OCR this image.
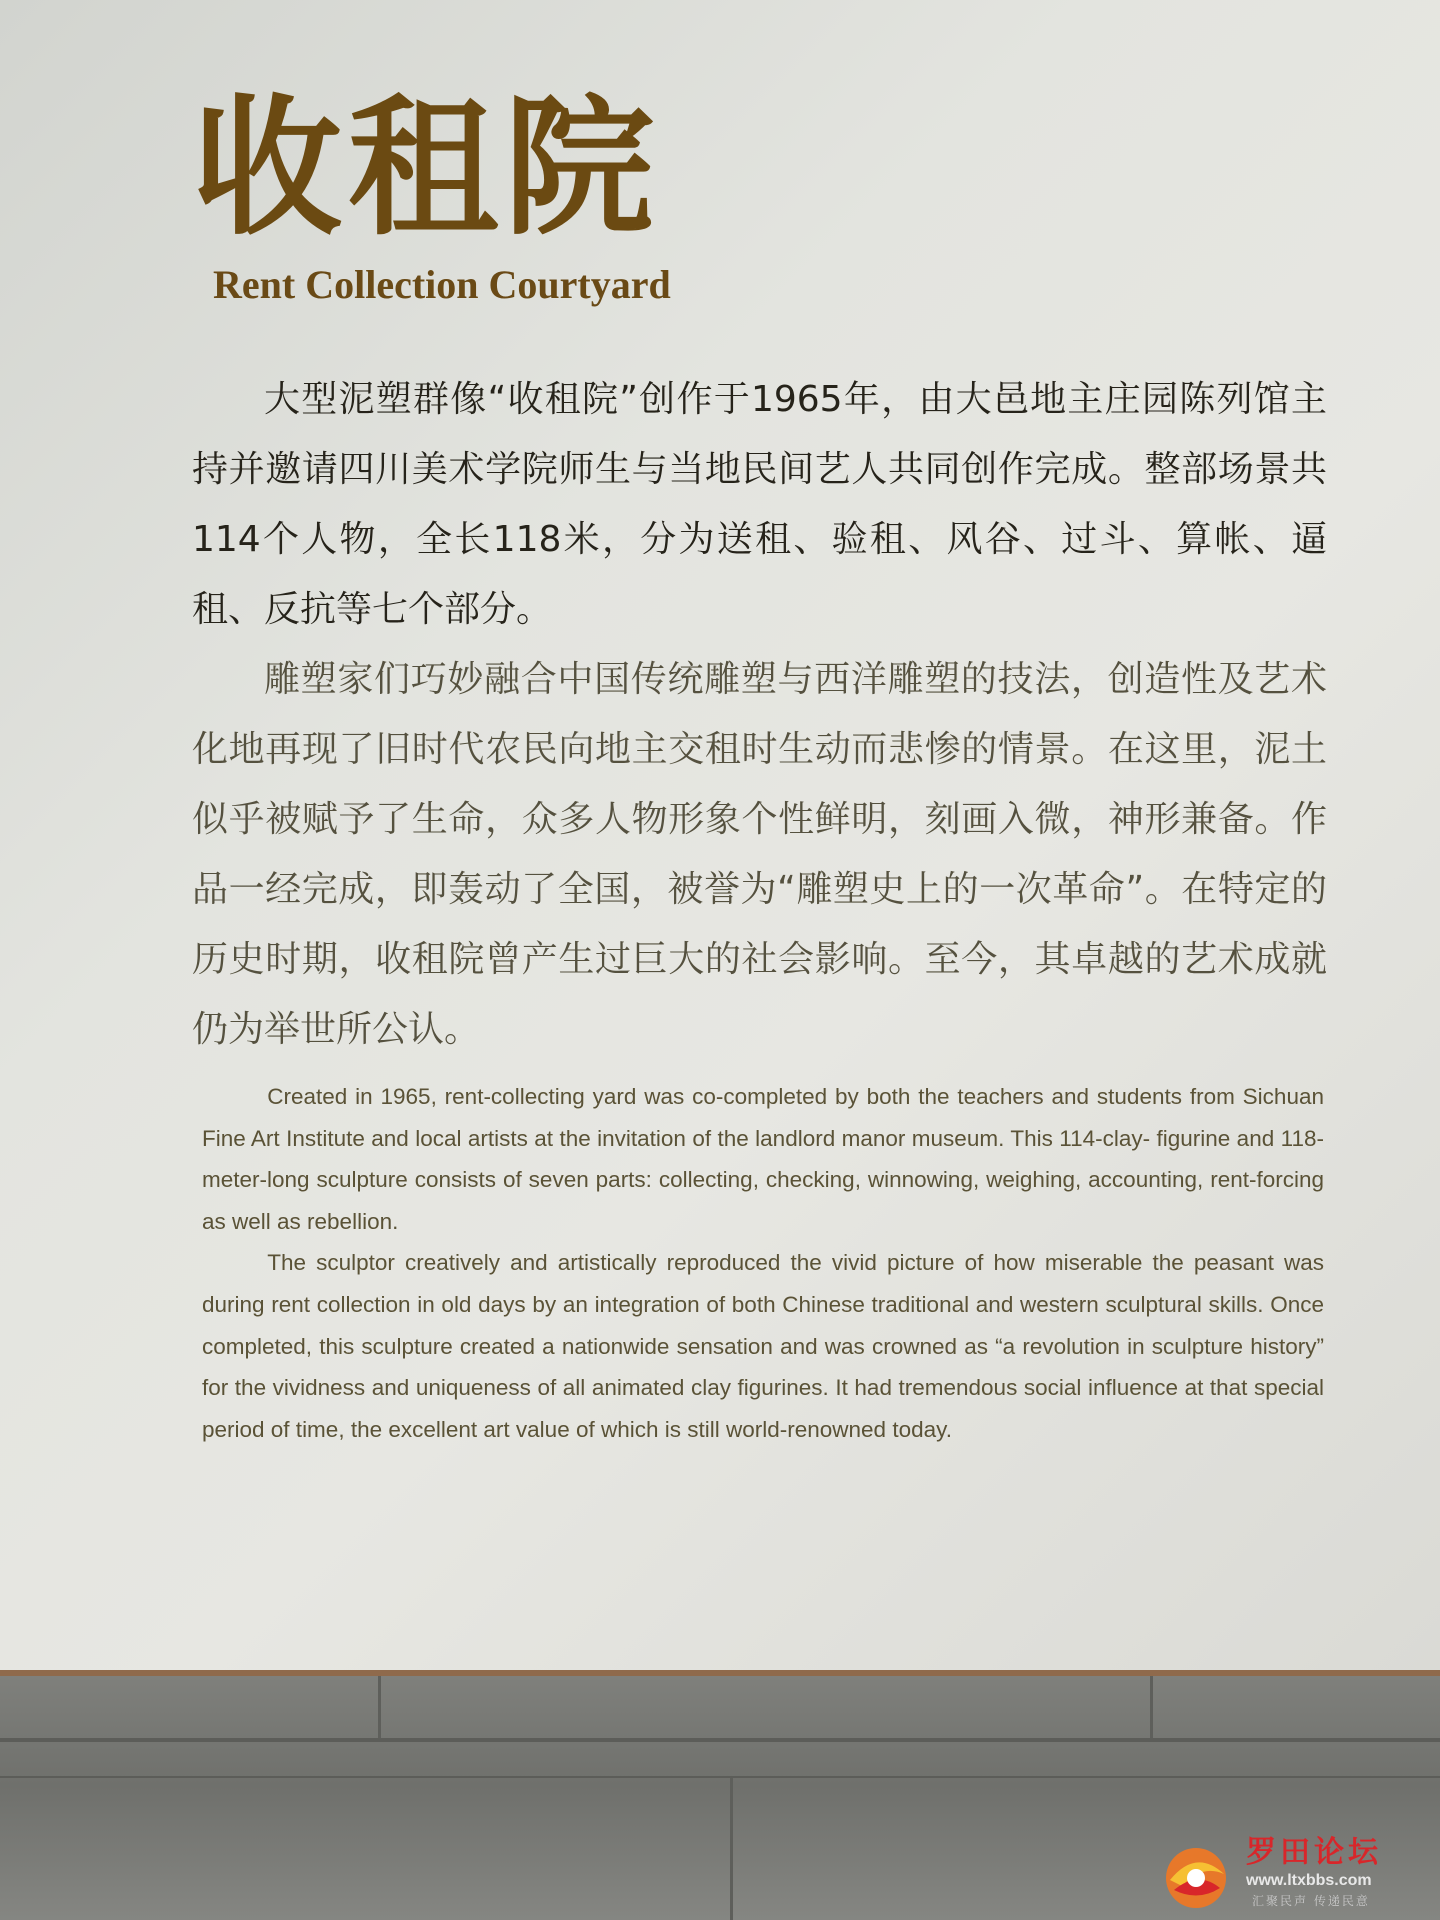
收租院
Rent Collection Courtyard

大型泥塑群像“收租院”创作于1965年，由大邑地主庄园陈列馆主持并邀请四川美术学院师生与当地民间艺人共同创作完成。整部场景共114个人物，全长118米，分为送租、验租、风谷、过斗、算帐、逼租、反抗等七个部分。

雕塑家们巧妙融合中国传统雕塑与西洋雕塑的技法，创造性及艺术化地再现了旧时代农民向地主交租时生动而悲惨的情景。在这里，泥土似乎被赋予了生命，众多人物形象个性鲜明，刻画入微，神形兼备。作品一经完成，即轰动了全国，被誉为“雕塑史上的一次革命”。在特定的历史时期，收租院曾产生过巨大的社会影响。至今，其卓越的艺术成就仍为举世所公认。

Created in 1965, rent-collecting yard was co-completed by both the teachers and students from Sichuan Fine Art Institute and local artists at the invitation of the landlord manor museum. This 114-clay- figurine and 118-meter-long sculpture consists of seven parts: collecting, checking, winnowing, weighing, accounting, rent-forcing as well as rebellion.

The sculptor creatively and artistically reproduced the vivid picture of how miserable the peasant was during rent collection in old days by an integration of both Chinese traditional and western sculptural skills. Once completed, this sculpture created a nationwide sensation and was crowned as “a revolution in sculpture history” for the vividness and uniqueness of all animated clay figurines. It had tremendous social influence at that special period of time, the excellent art value of which is still world-renowned today.

罗田论坛
www.ltxbbs.com
汇聚民声 传递民意
